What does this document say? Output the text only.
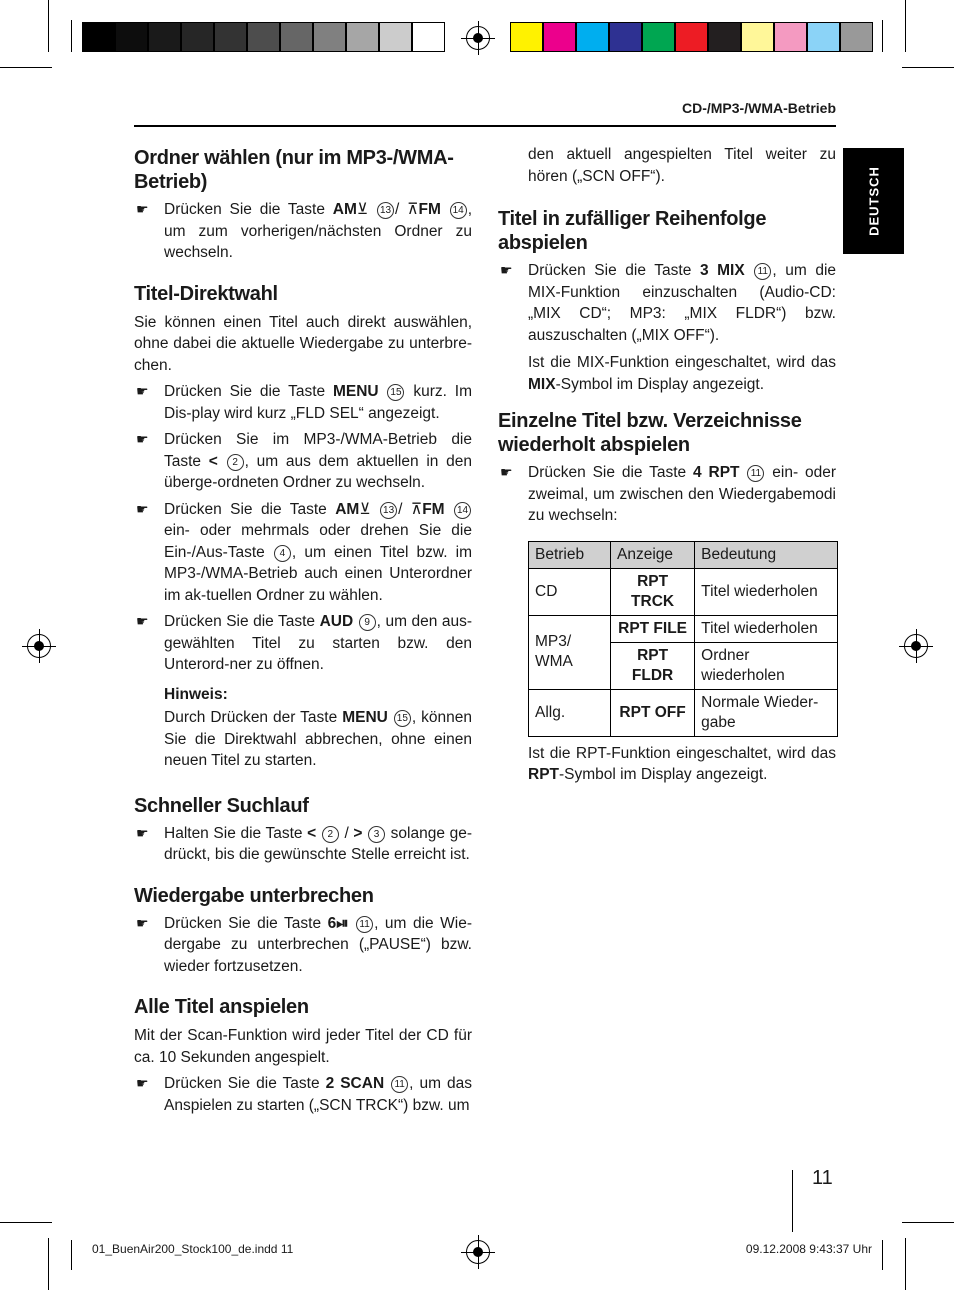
CD-/MP3-/WMA-Betrieb
DEUTSCH
Ordner wählen (nur im MP3-/WMA-Betrieb)
☛ Drücken Sie die Taste AM⊻ 13 / ⊼FM 14 , um zum vorherigen/nächsten Ordner zu wechseln.
Titel-Direktwahl

Sie können einen Titel auch direkt auswählen, ohne dabei die aktuelle Wiedergabe zu unterbre-chen.

☛ Drücken Sie die Taste MENU 15 kurz. Im Dis-play wird kurz „FLD SEL“ angezeigt.
☛ Drücken Sie im MP3-/WMA-Betrieb die Taste < 2 , um aus dem aktuellen in den überge-ordneten Ordner zu wechseln.
☛ Drücken Sie die Taste AM⊻ 13 / ⊼FM 14 ein- oder mehrmals oder drehen Sie die Ein-/Aus-Taste 4 , um einen Titel bzw. im MP3-/WMA-Betrieb auch einen Unterordner im ak-tuellen Ordner zu wählen.
☛ Drücken Sie die Taste AUD 9 , um den aus-gewählten Titel zu starten bzw. den Unterord-ner zu öffnen.

Hinweis:

Durch Drücken der Taste MENU 15 , können Sie die Direktwahl abbrechen, ohne einen neuen Titel zu starten.

Schneller Suchlauf
☛ Halten Sie die Taste < 2 / > 3 solange ge-drückt, bis die gewünschte Stelle erreicht ist.
Wiedergabe unterbrechen
☛ Drücken Sie die Taste 6⏯ 11 , um die Wie-dergabe zu unterbrechen („PAUSE“) bzw. wieder fortzusetzen.
Alle Titel anspielen

Mit der Scan-Funktion wird jeder Titel der CD für ca. 10 Sekunden angespielt.

☛ Drücken Sie die Taste 2 SCAN 11 , um das Anspielen zu starten („SCN TRCK“) bzw. um

den aktuell angespielten Titel weiter zu hören („SCN OFF“).

Titel in zufälliger Reihenfolge abspielen
☛ Drücken Sie die Taste 3 MIX 11 , um die MIX-Funktion einzuschalten (Audio-CD: „MIX CD“; MP3: „MIX FLDR“) bzw. auszuschalten („MIX OFF“).

Ist die MIX-Funktion eingeschaltet, wird das MIX-Symbol im Display angezeigt.

Einzelne Titel bzw. Verzeichnisse wiederholt abspielen
☛ Drücken Sie die Taste 4 RPT 11 ein- oder zweimal, um zwischen den Wiedergabemodi zu wechseln:
Betrieb	Anzeige	Bedeutung
CD	RPT TRCK	Titel wiederholen
MP3/ WMA	RPT FILE	Titel wiederholen
	RPT FLDR	Ordner wiederholen
Allg.	RPT OFF	Normale Wieder-gabe

Ist die RPT-Funktion eingeschaltet, wird das RPT-Symbol im Display angezeigt.

11
01_BuenAir200_Stock100_de.indd 11	09.12.2008 9:43:37 Uhr
